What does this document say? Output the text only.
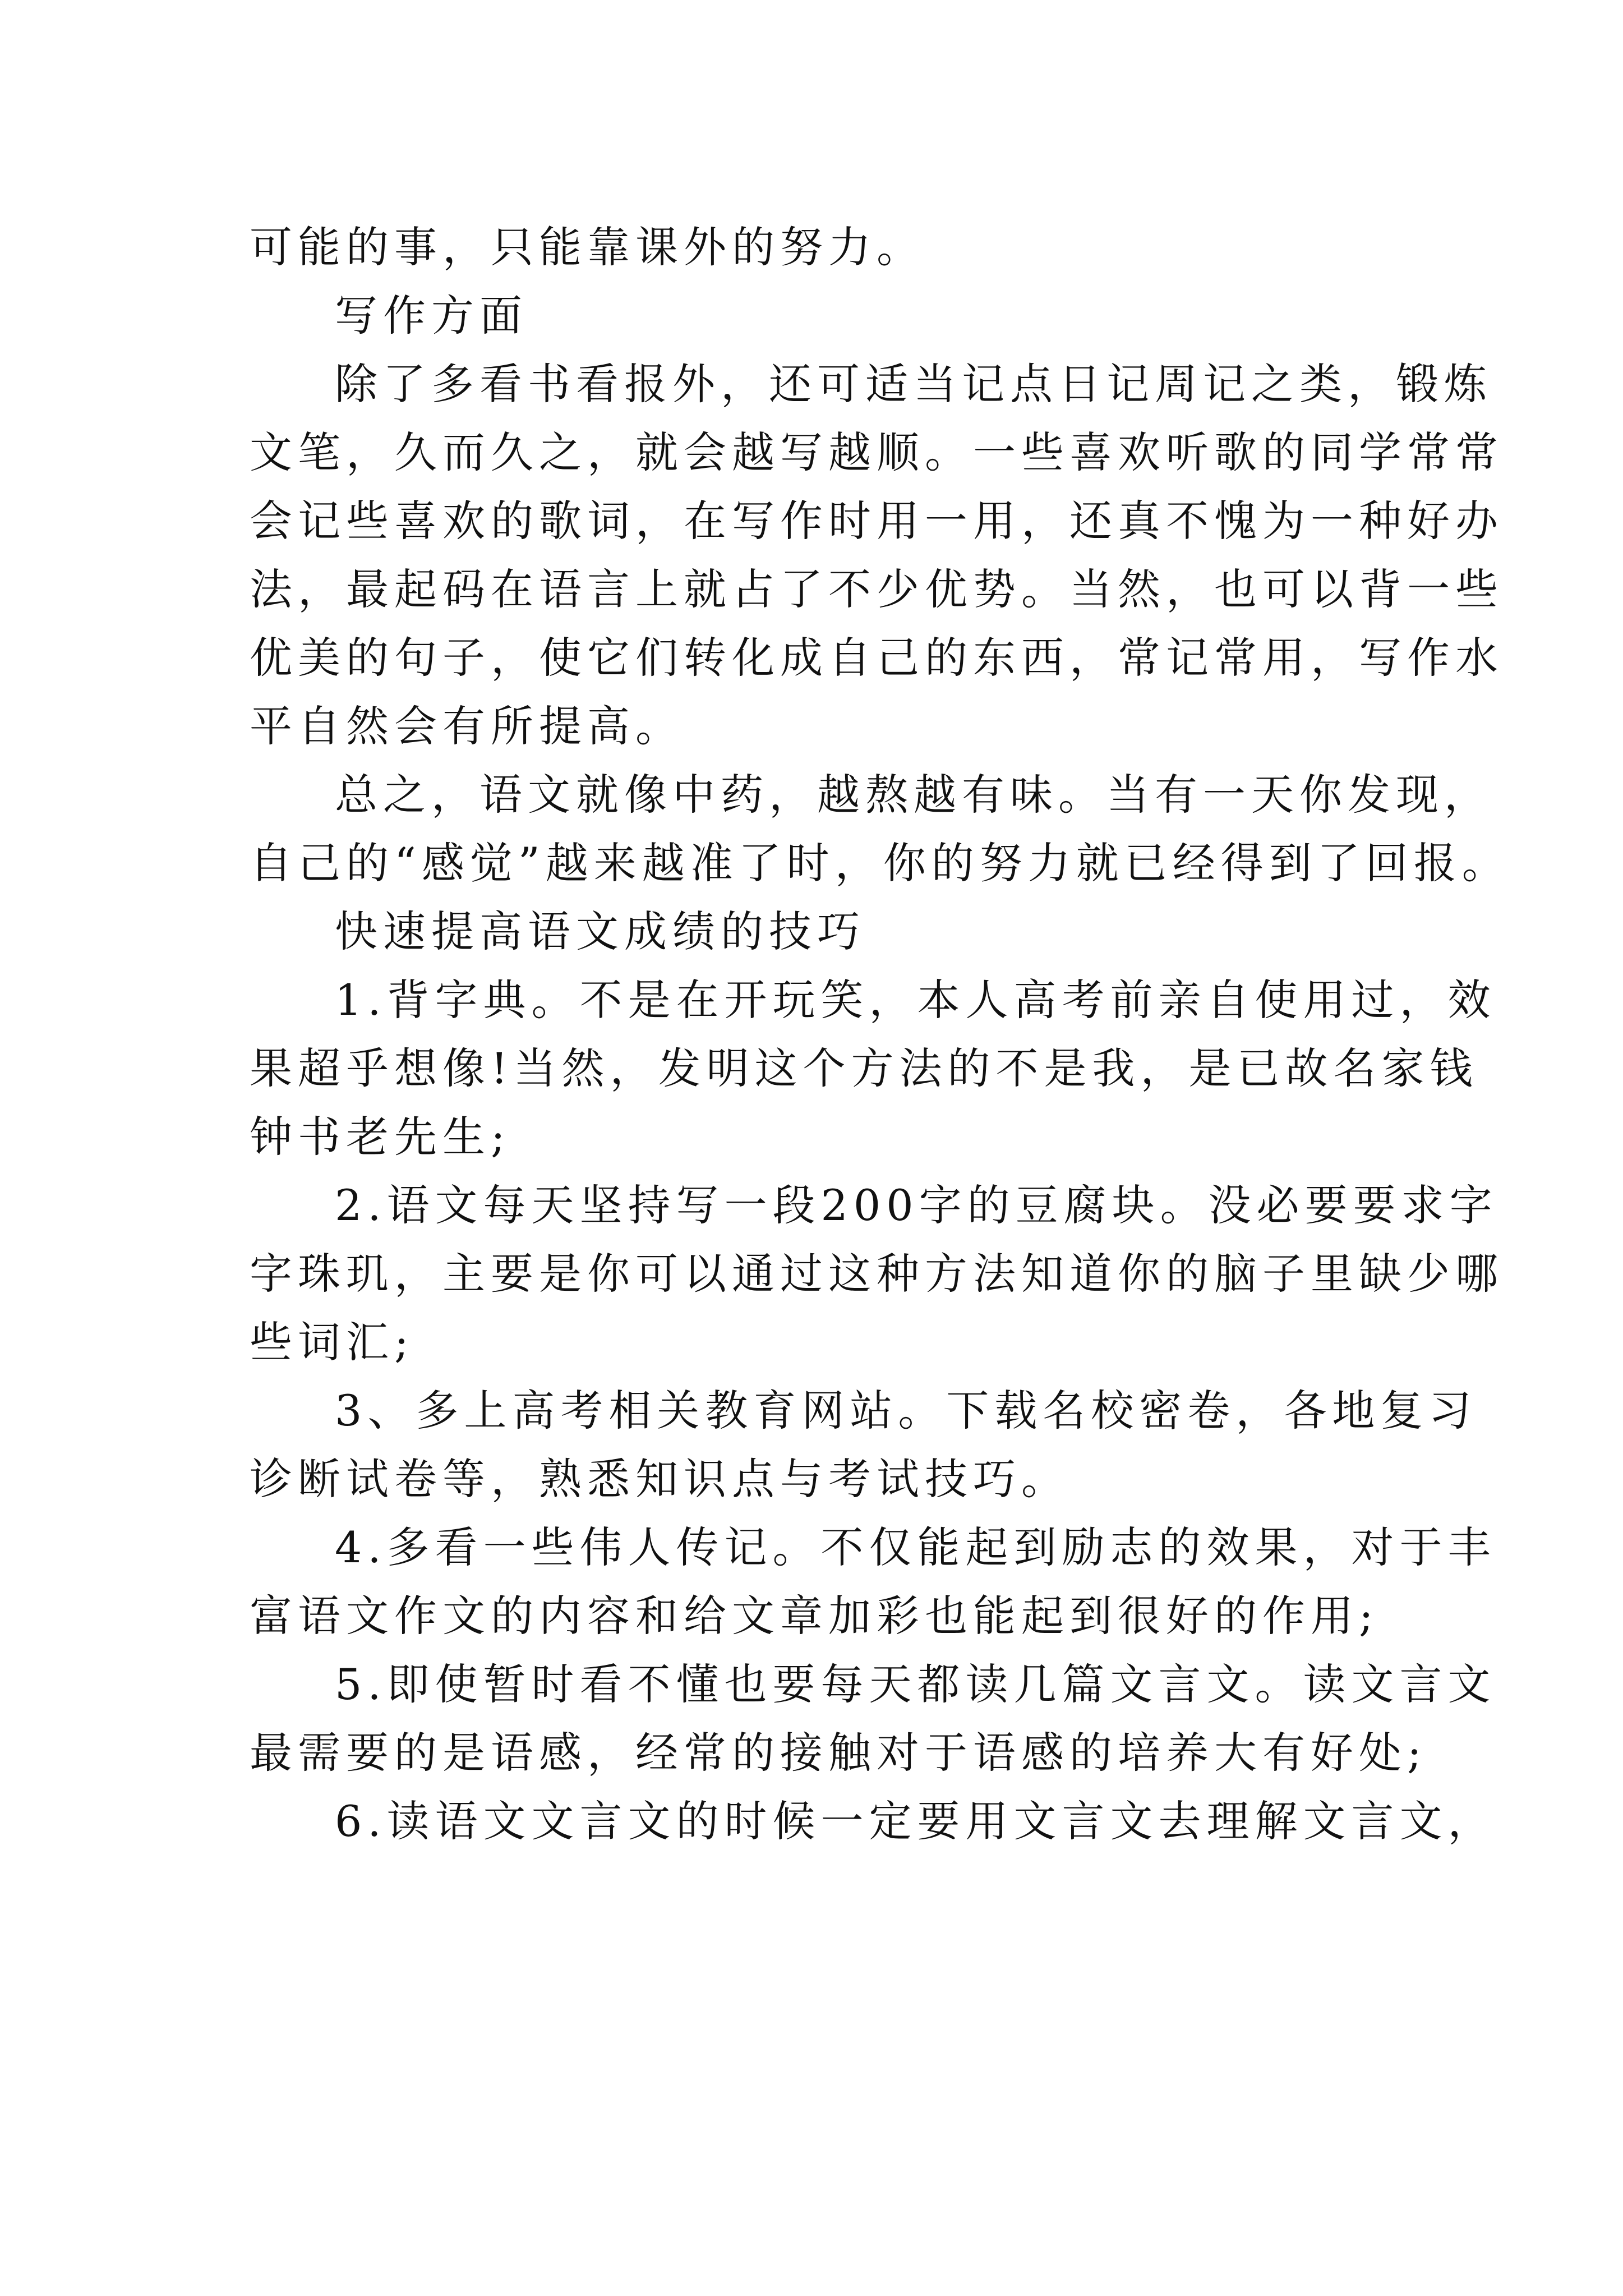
可能的事，只能靠课外的努力。
写作方面
除了多看书看报外，还可适当记点日记周记之类，锻炼
文笔，久而久之，就会越写越顺。一些喜欢听歌的同学常常
会记些喜欢的歌词，在写作时用一用，还真不愧为一种好办
法，最起码在语言上就占了不少优势。当然，也可以背一些
优美的句子，使它们转化成自己的东西，常记常用，写作水
平自然会有所提高。
总之，语文就像中药，越熬越有味。当有一天你发现，
自己的“感觉”越来越准了时，你的努力就已经得到了回报。
快速提高语文成绩的技巧
1.背字典。不是在开玩笑，本人高考前亲自使用过，效
果超乎想像!当然，发明这个方法的不是我，是已故名家钱
钟书老先生;
2.语文每天坚持写一段200字的豆腐块。没必要要求字
字珠玑，主要是你可以通过这种方法知道你的脑子里缺少哪
些词汇;
3、多上高考相关教育网站。下载名校密卷，各地复习
诊断试卷等，熟悉知识点与考试技巧。
4.多看一些伟人传记。不仅能起到励志的效果，对于丰
富语文作文的内容和给文章加彩也能起到很好的作用;
5.即使暂时看不懂也要每天都读几篇文言文。读文言文
最需要的是语感，经常的接触对于语感的培养大有好处;
6.读语文文言文的时候一定要用文言文去理解文言文，
